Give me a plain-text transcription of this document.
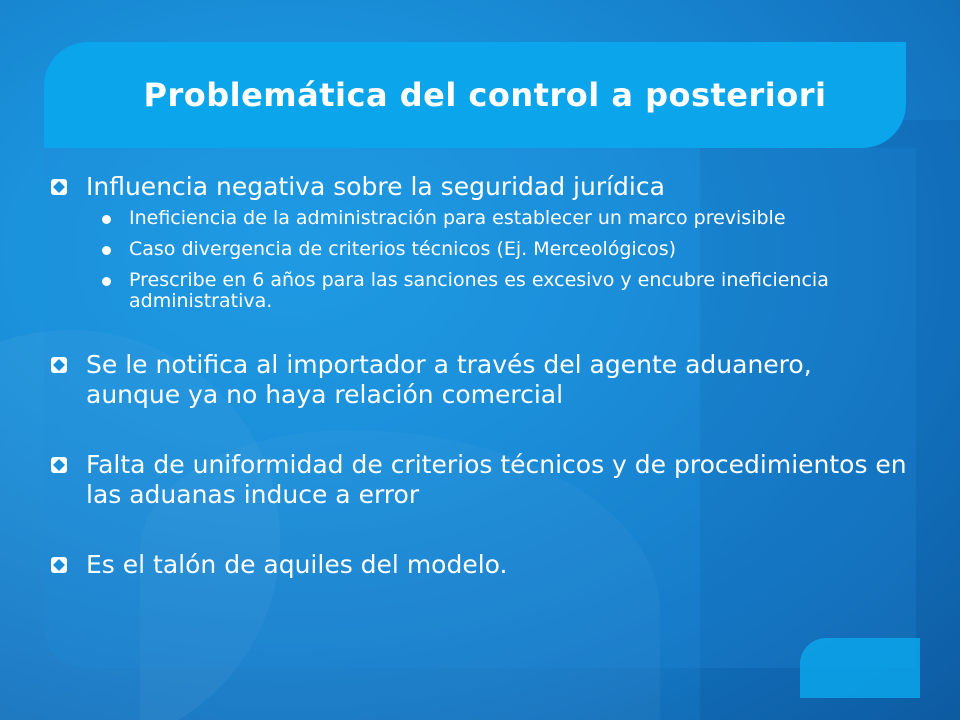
Problemática del control a posteriori
Influencia negativa sobre la seguridad jurídica
Ineficiencia de la administración para establecer un marco previsible
Caso divergencia de criterios técnicos (Ej. Merceológicos)
Prescribe en 6 años para las sanciones es excesivo y encubre ineficiencia administrativa.
Se le notifica al importador a través del agente aduanero, aunque ya no haya relación comercial
Falta de uniformidad de criterios técnicos y de procedimientos en las aduanas induce a error
Es el talón de aquiles del modelo.
